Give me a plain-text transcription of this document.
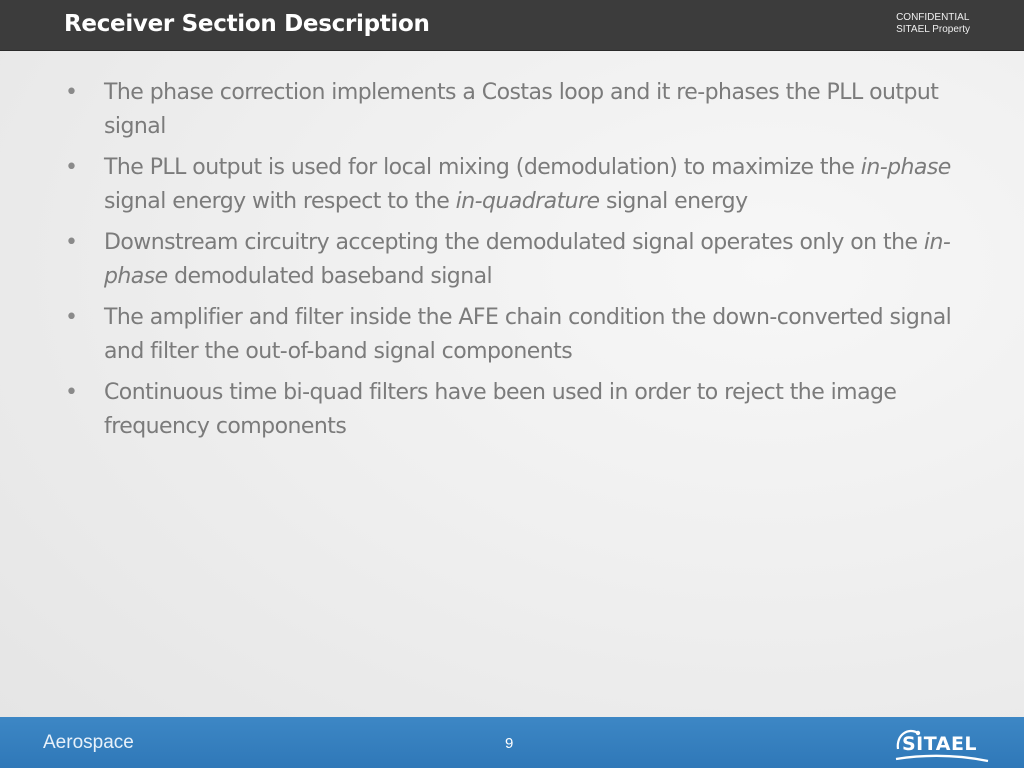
Receiver Section Description	CONFIDENTIAL
SITAEL Property
• The phase correction implements a Costas loop and it re-phases the PLL output signal
• The PLL output is used for local mixing (demodulation) to maximize the in-phase signal energy with respect to the in-quadrature signal energy
• Downstream circuitry accepting the demodulated signal operates only on the in-phase demodulated baseband signal
• The amplifier and filter inside the AFE chain condition the down-converted signal and filter the out-of-band signal components
• Continuous time bi-quad filters have been used in order to reject the image frequency components
Aerospace	9	SITAEL
